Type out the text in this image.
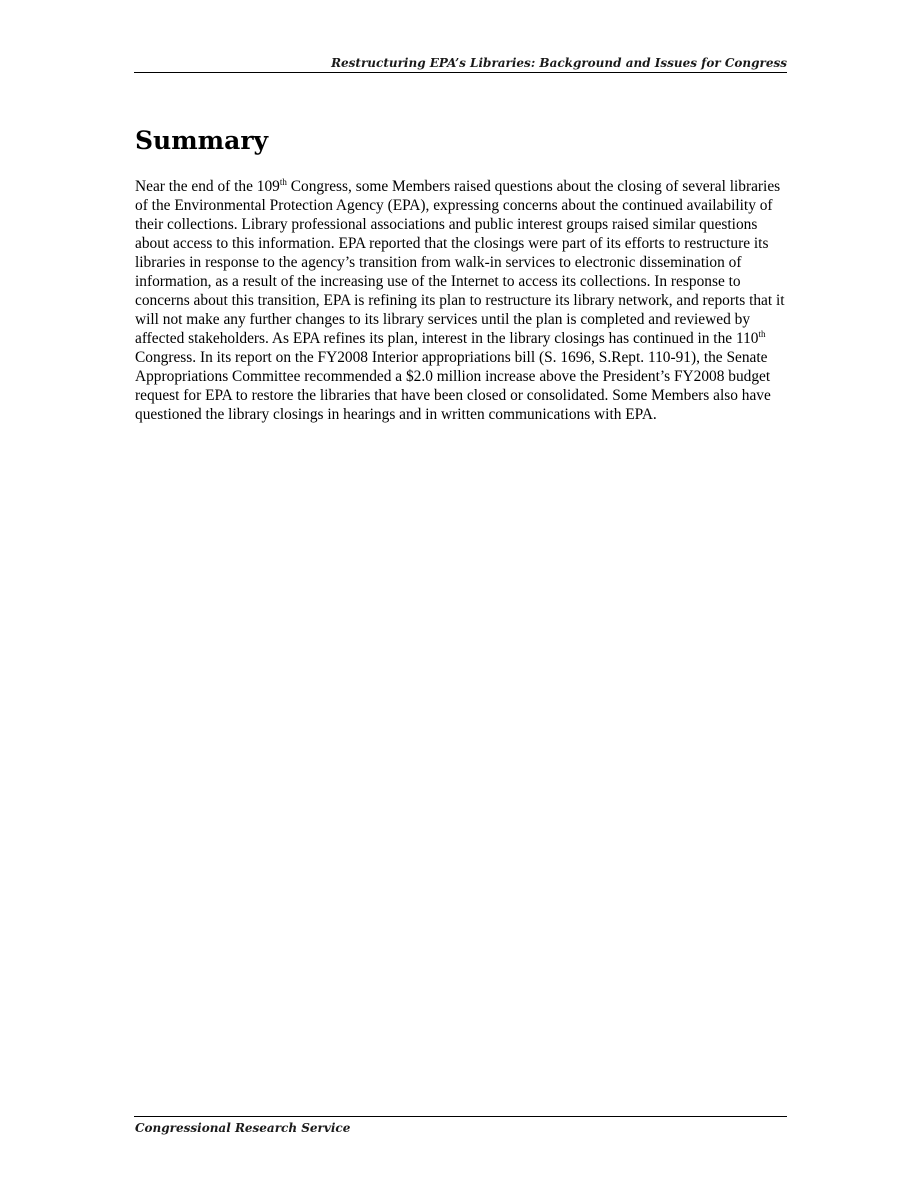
Restructuring EPA’s Libraries: Background and Issues for Congress
Summary

Near the end of the 109th Congress, some Members raised questions about the closing of several libraries of the Environmental Protection Agency (EPA), expressing concerns about the continued availability of their collections. Library professional associations and public interest groups raised similar questions about access to this information. EPA reported that the closings were part of its efforts to restructure its libraries in response to the agency’s transition from walk-in services to electronic dissemination of information, as a result of the increasing use of the Internet to access its collections. In response to concerns about this transition, EPA is refining its plan to restructure its library network, and reports that it will not make any further changes to its library services until the plan is completed and reviewed by affected stakeholders. As EPA refines its plan, interest in the library closings has continued in the 110th Congress. In its report on the FY2008 Interior appropriations bill (S. 1696, S.Rept. 110-91), the Senate Appropriations Committee recommended a $2.0 million increase above the President’s FY2008 budget request for EPA to restore the libraries that have been closed or consolidated. Some Members also have questioned the library closings in hearings and in written communications with EPA.

Congressional Research Service
